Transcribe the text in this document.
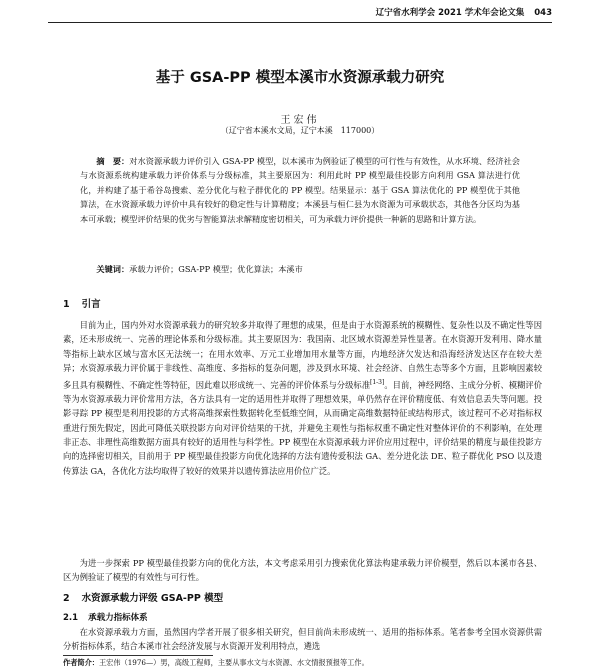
辽宁省水利学会 2021 学术年会论文集 043
基于 GSA-PP 模型本溪市水资源承载力研究
王宏伟
（辽宁省本溪水文局，辽宁本溪　117000）
摘　要：对水资源承载力评价引入 GSA-PP 模型，以本溪市为例验证了模型的可行性与有效性，从水环境、经济社会与水资源系统构建承载力评价体系与分级标准，其主要原因为：利用此时 PP 模型最佳投影方向利用 GSA 算法进行优化，并构建了基于希谷岛搜索、差分优化与粒子群优化的 PP 模型。结果显示：基于 GSA 算法优化的 PP 模型优于其他算法，在水资源承载力评价中具有较好的稳定性与计算精度；本溪县与桓仁县为水资源为可承载状态，其他各分区均为基本可承载；模型评价结果的优劣与智能算法求解精度密切相关，可为承载力评价提供一种新的思路和计算方法。
关键词：承载力评价；GSA-PP 模型；优化算法；本溪市
1 引言
目前为止，国内外对水资源承载力的研究较多并取得了理想的成果，但是由于水资源系统的模糊性、复杂性以及不确定性等因素，还未形成统一、完善的理论体系和分级标准。其主要原因为：我国南、北区域水资源差异性显著。在水资源开发利用、降水量等指标上缺水区域与富水区无法统一；在用水效率、万元工业增加用水量等方面，内地经济欠发达和沿海经济发达区存在较大差异；水资源承载力评价属于非线性、高维度、多指标的复杂问题，涉及到水环境、社会经济、自然生态等多个方面，且影响因素较多且具有模糊性、不确定性等特征，因此难以形成统一、完善的评价体系与分级标准[1-3]。目前，神经网络、主成分分析、模糊评价等为水资源承载力评价常用方法，各方法具有一定的适用性并取得了理想效果，单仍然存在评价精度低、有效信息丢失等问题。投影寻踪 PP 模型是利用投影的方式将高维探索性数据转化至低维空间，从而确定高维数据特征或结构形式，该过程可不必对指标权重进行预先假定，因此可降低关联投影方向对评价结果的干扰，并避免主观性与指标权重不确定性对整体评价的不利影响，在处理非正态、非理性高维数据方面具有较好的适用性与科学性。PP 模型在水资源承载力评价应用过程中，评价结果的精度与最佳投影方向的选择密切相关，目前用于 PP 模型最佳投影方向优化选择的方法有遗传爱积法 GA、差分进化法 DE、粒子群优化 PSO 以及遗传算法 GA，各优化方法均取得了较好的效果并以遗传算法应用价位广泛。
为进一步探索 PP 模型最佳投影方向的优化方法，本文考虑采用引力搜索优化算法构建承载力评价模型，然后以本溪市各县、区为例验证了模型的有效性与可行性。
2 水资源承载力评级 GSA-PP 模型
2.1 承载力指标体系
在水资源承载力方面，虽然国内学者开展了很多相关研究，但目前尚未形成统一、适用的指标体系。笔者参考全国水资源供需分析指标体系，结合本溪市社会经济发展与水资源开发利用特点，遴选
作者简介：王宏伟（1976—）男，高级工程师，主要从事水文与水资源、水文情报预报等工作。
